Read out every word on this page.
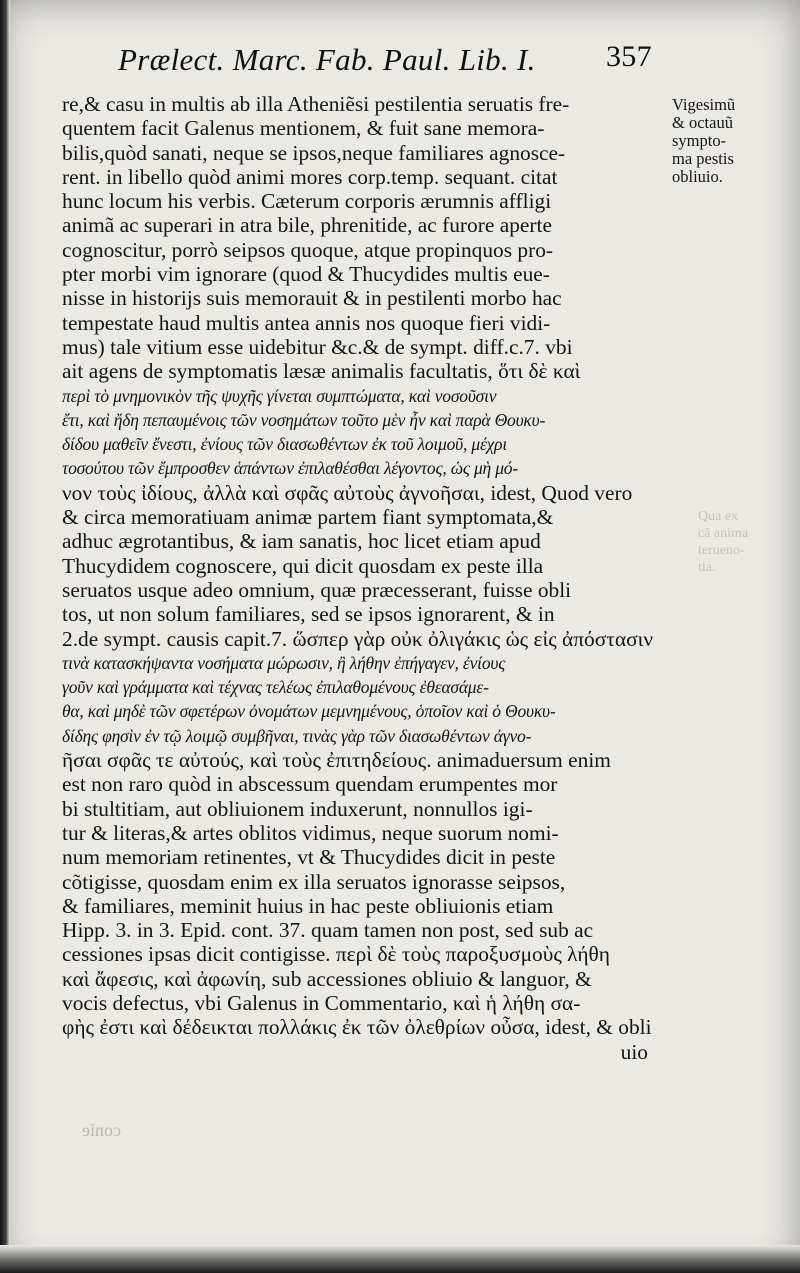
Prælect. Marc. Fab. Paul. Lib. I. 357
re,& casu in multis ab illa Atheniẽsi pestilentia seruatis fre-
quentem facit Galenus mentionem, & fuit sane memora-
bilis,quòd sanati, neque se ipsos,neque familiares agnosce-
rent. in libello quòd animi mores corp.temp. sequant. citat
hunc locum his verbis. Cæterum corporis ærumnis affligi
animã ac superari in atra bile, phrenitide, ac furore aperte
cognoscitur, porrò seipsos quoque, atque propinquos pro-
pter morbi vim ignorare (quod & Thucydides multis eue-
nisse in historijs suis memorauit & in pestilenti morbo hac
tempestate haud multis antea annis nos quoque fieri vidi-
mus) tale vitium esse uidebitur &c.& de sympt. diff.c.7. vbi
ait agens de symptomatis læsæ animalis facultatis, ὅτι δὲ καὶ
περὶ τὸ μνημονικὸν τῆς ψυχῆς γίνεται συμπτώματα, καὶ νοσοῦσιν
ἔτι, καὶ ἤδη πεπαυμένοις τῶν νοσημάτων τοῦτο μὲν ἦν καὶ παρὰ Θουκυ-
δίδου μαθεῖν ἔνεστι, ἐνίους τῶν διασωθέντων ἐκ τοῦ λοιμοῦ, μέχρι
τοσούτου τῶν ἔμπροσθεν ἁπάντων ἐπιλαθέσθαι λέγοντος, ὡς μὴ μό-
νον τοὺς ἰδίους, ἀλλὰ καὶ σφᾶς αὐτοὺς ἀγνοῆσαι, idest, Quod vero
& circa memoratiuam animæ partem fiant symptomata,&
adhuc ægrotantibus, & iam sanatis, hoc licet etiam apud
Thucydidem cognoscere, qui dicit quosdam ex peste illa
seruatos usque adeo omnium, quæ præcesserant, fuisse obli
tos, ut non solum familiares, sed se ipsos ignorarent, & in
2.de sympt. causis capit.7. ὥσπερ γὰρ οὐκ ὀλιγάκις ὡς εἰς ἀπόστασιν
τινὰ κατασκήψαντα νοσήματα μώρωσιν, ἢ λήθην ἐπήγαγεν, ἐνίους
γοῦν καὶ γράμματα καὶ τέχνας τελέως ἐπιλαθομένους ἐθεασάμε-
θα, καὶ μηδὲ τῶν σφετέρων ὀνομάτων μεμνημένους, ὁποῖον καὶ ὁ Θουκυ-
δίδης φησὶν ἐν τῷ λοιμῷ συμβῆναι, τινὰς γὰρ τῶν διασωθέντων ἀγνο-
ῆσαι σφᾶς τε αὐτούς, καὶ τοὺς ἐπιτηδείους. animaduersum enim
est non raro quòd in abscessum quendam erumpentes mor
bi stultitiam, aut obliuionem induxerunt, nonnullos igi-
tur & literas,& artes oblitos vidimus, neque suorum nomi-
num memoriam retinentes, vt & Thucydides dicit in peste
cõtigisse, quosdam enim ex illa seruatos ignorasse seipsos,
& familiares, meminit huius in hac peste obliuionis etiam
Hipp. 3. in 3. Epid. cont. 37. quam tamen non post, sed sub ac
cessiones ipsas dicit contigisse. περὶ δὲ τοὺς παροξυσμοὺς λήθη
καὶ ἄφεσις, καὶ ἀφωνίη, sub accessiones obliuio & languor, &
vocis defectus, vbi Galenus in Commentario, καὶ ἡ λήθη σα-
φὴς ἐστι καὶ δέδεικται πολλάκις ἐκ τῶν ὀλεθρίων οὖσα, idest, & obli
uio
Vigesimũ
& octauũ
sympto-
ma pestis
obliuio.
Qua ex
cā anima
terueno-
tia.
conie
